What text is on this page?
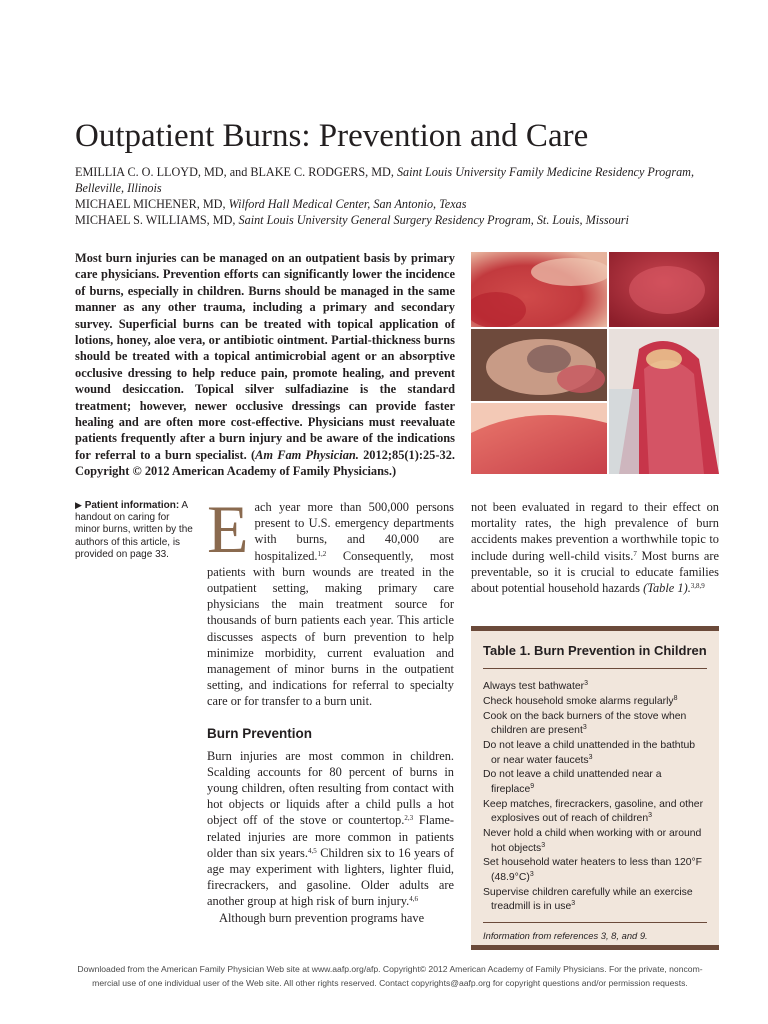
Outpatient Burns: Prevention and Care
EMILLIA C. O. LLOYD, MD, and BLAKE C. RODGERS, MD, Saint Louis University Family Medicine Residency Program,
Belleville, Illinois
MICHAEL MICHENER, MD, Wilford Hall Medical Center, San Antonio, Texas
MICHAEL S. WILLIAMS, MD, Saint Louis University General Surgery Residency Program, St. Louis, Missouri

Most burn injuries can be managed on an outpatient basis by primary care physicians. Prevention efforts can significantly lower the incidence of burns, especially in children. Burns should be managed in the same manner as any other trauma, including a primary and secondary survey. Superficial burns can be treated with topical application of lotions, honey, aloe vera, or antibiotic ointment. Partial-thickness burns should be treated with a topical antimicrobial agent or an absorptive occlusive dressing to help reduce pain, promote healing, and prevent wound desiccation. Topical silver sulfadiazine is the standard treatment; however, newer occlusive dressings can provide faster healing and are often more cost-effective. Physicians must reevaluate patients frequently after a burn injury and be aware of the indications for referral to a burn specialist. (Am Fam Physician. 2012;85(1):25-32. Copyright © 2012 American Academy of Family Physicians.)

▶ Patient information: A handout on caring for minor burns, written by the authors of this article, is provided on page 33. Each year more than 500,000 persons present to U.S. emergency departments with burns, and 40,000 are hospitalized.$^{1,2}$ Consequently, most patients with burn wounds are treated in the outpatient setting, making primary care physicians the main treatment source for thousands of burn patients each year. This article discusses aspects of burn prevention to help minimize morbidity, current evaluation and management of minor burns in the outpatient setting, and indications for referral to specialty care or for transfer to a burn unit.

Burn Prevention

Burn injuries are most common in children. Scalding accounts for 80 percent of burns in young children, often resulting from contact with hot objects or liquids after a child pulls a hot object off of the stove or countertop.$^{2,3}$ Flame-related injuries are more common in patients older than six years.$^{4,5}$ Children six to 16 years of age may experiment with lighters, lighter fluid, firecrackers, and gasoline. Older adults are another group at high risk of burn injury.$^{4,6}$

Although burn prevention programs have

not been evaluated in regard to their effect on mortality rates, the high prevalence of burn accidents makes prevention a worthwhile topic to include during well-child visits.$^7$ Most burns are preventable, so it is crucial to educate families about potential household hazards (Table 1).$^{3,8,9}$

Table 1. Burn Prevention in Children
Always test bathwater$^3$
Check household smoke alarms regularly$^8$
Cook on the back burners of the stove when children are present$^3$
Do not leave a child unattended in the bathtub or near water faucets$^3$
Do not leave a child unattended near a fireplace$^9$
Keep matches, firecrackers, gasoline, and other explosives out of reach of children$^3$
Never hold a child when working with or around hot objects$^3$
Set household water heaters to less than 120°F $(48.9^\circ C)^3$
Supervise children carefully while an exercise treadmill is in use$^3$
Information from references 3, 8, and 9.
Downloaded from the American Family Physician Web site at www.aafp.org/afp. Copyright© 2012 American Academy of Family Physicians. For the private, noncom-
mercial use of one individual user of the Web site. All other rights reserved. Contact copyrights@aafp.org for copyright questions and/or permission requests.
